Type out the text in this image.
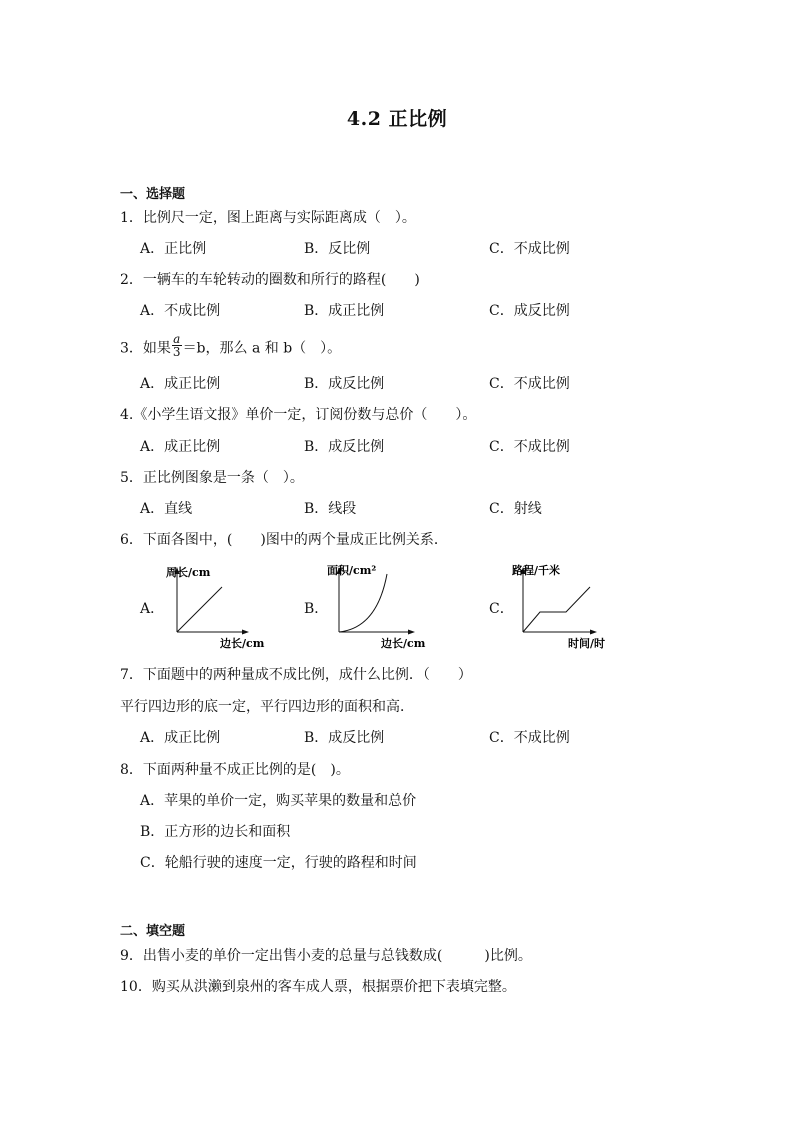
4.2 正比例
一、选择题
1．比例尺一定，图上距离与实际距离成（　）。
A．正比例	B．反比例	C．不成比例
2．一辆车的车轮转动的圈数和所行的路程(　　)
A．不成比例	B．成正比例	C．成反比例
3．如果 $\frac{a}{3} =b$，那么 a 和 b（　）。
A．成正比例	B．成反比例	C．不成比例
4.《小学生语文报》单价一定，订阅份数与总价（　　）。
A．成正比例	B．成反比例	C．不成比例
5．正比例图象是一条（　）。
A．直线	B．线段	C．射线
6．下面各图中，(　　)图中的两个量成正比例关系．
A．
周长/cm
边长/cm
B．
面积/cm²
边长/cm
C．
路程/千米
时间/时
7．下面题中的两种量成不成比例，成什么比例．（　　）
平行四边形的底一定，平行四边形的面积和高．
A．成正比例	B．成反比例	C．不成比例
8．下面两种量不成正比例的是(　)。
A．苹果的单价一定，购买苹果的数量和总价
B．正方形的边长和面积
C．轮船行驶的速度一定，行驶的路程和时间
二、填空题
9．出售小麦的单价一定出售小麦的总量与总钱数成(　　　)比例。
10．购买从洪濑到泉州的客车成人票，根据票价把下表填完整。
